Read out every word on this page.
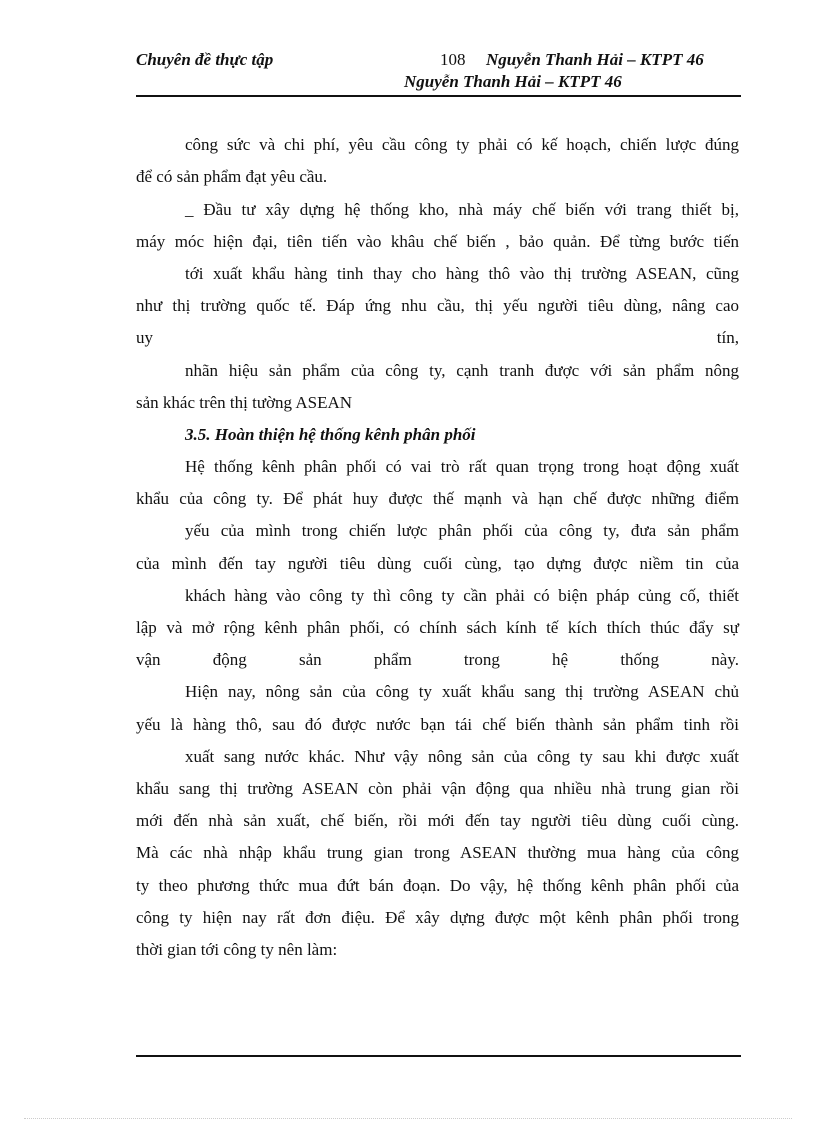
Chuyên đề thực tập	108 Nguyễn Thanh Hải – KTPT 46
Nguyễn Thanh Hải – KTPT 46
công sức và chi phí, yêu cầu công ty phải có kế hoạch, chiến lược đúng
để có sản phẩm đạt yêu cầu.
_ Đầu tư xây dựng hệ thống kho, nhà máy chế biến với trang thiết bị,
máy móc hiện đại, tiên tiến vào khâu chế biến , bảo quản. Để từng bước tiến
tới xuất khẩu hàng tinh thay cho hàng thô vào thị trường ASEAN, cũng
như thị trường quốc tế. Đáp ứng nhu cầu, thị yếu người tiêu dùng, nâng cao
uy tín,
nhãn hiệu sản phẩm của công ty, cạnh tranh được với sản phẩm nông
sản khác trên thị tường ASEAN
3.5. Hoàn thiện hệ thống kênh phân phối
Hệ thống kênh phân phối có vai trò rất quan trọng trong hoạt động xuất
khẩu của công ty. Để phát huy được thế mạnh và hạn chế được những điểm
yếu của mình trong chiến lược phân phối của công ty, đưa sản phẩm
của mình đến tay người tiêu dùng cuối cùng, tạo dựng được niềm tin của
khách hàng vào công ty thì công ty cần phải có biện pháp củng cố, thiết
lập và mở rộng kênh phân phối, có chính sách kính tế kích thích thúc đẩy sự
vận động sản phẩm trong hệ thống này.
Hiện nay, nông sản của công ty xuất khẩu sang thị trường ASEAN chủ
yếu là hàng thô, sau đó được nước bạn tái chế biến thành sản phẩm tinh rồi
xuất sang nước khác. Như vậy nông sản của công ty sau khi được xuất
khẩu sang thị trường ASEAN còn phải vận động qua nhiều nhà trung gian rồi
mới đến nhà sản xuất, chế biến, rồi mới đến tay người tiêu dùng cuối cùng.
Mà các nhà nhập khẩu trung gian trong ASEAN thường mua hàng của công
ty theo phương thức mua đứt bán đoạn. Do vậy, hệ thống kênh phân phối của
công ty hiện nay rất đơn điệu. Để xây dựng được một kênh phân phối trong
thời gian tới công ty nên làm:
